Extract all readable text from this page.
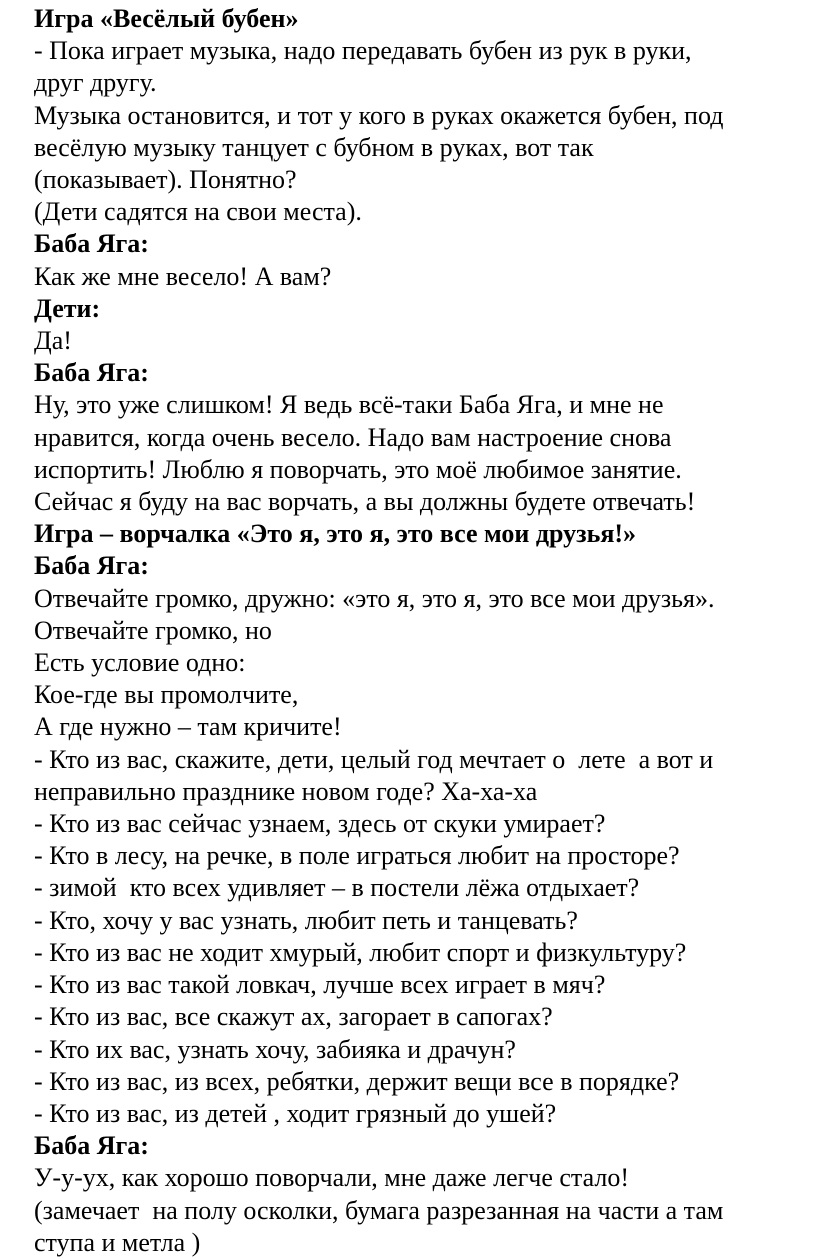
Игра «Весёлый бубен»
- Пока играет музыка, надо передавать бубен из рук в руки,
друг другу.
Музыка остановится, и тот у кого в руках окажется бубен, под
весёлую музыку танцует с бубном в руках, вот так
(показывает). Понятно?
(Дети садятся на свои места).
Баба Яга:
Как же мне весело! А вам?
Дети:
Да!
Баба Яга:
Ну, это уже слишком! Я ведь всё-таки Баба Яга, и мне не
нравится, когда очень весело. Надо вам настроение снова
испортить! Люблю я поворчать, это моё любимое занятие.
Сейчас я буду на вас ворчать, а вы должны будете отвечать!
Игра – ворчалка «Это я, это я, это все мои друзья!»
Баба Яга:
Отвечайте громко, дружно: «это я, это я, это все мои друзья».
Отвечайте громко, но
Есть условие одно:
Кое-где вы промолчите,
А где нужно – там кричите!
- Кто из вас, скажите, дети, целый год мечтает о  лете  а вот и
неправильно празднике новом годе? Ха-ха-ха
- Кто из вас сейчас узнаем, здесь от скуки умирает?
- Кто в лесу, на речке, в поле играться любит на просторе?
- зимой  кто всех удивляет – в постели лёжа отдыхает?
- Кто, хочу у вас узнать, любит петь и танцевать?
- Кто из вас не ходит хмурый, любит спорт и физкультуру?
- Кто из вас такой ловкач, лучше всех играет в мяч?
- Кто из вас, все скажут ах, загорает в сапогах?
- Кто их вас, узнать хочу, забияка и драчун?
- Кто из вас, из всех, ребятки, держит вещи все в порядке?
- Кто из вас, из детей , ходит грязный до ушей?
Баба Яга:
У-у-ух, как хорошо поворчали, мне даже легче стало!
(замечает  на полу осколки, бумага разрезанная на части а там
ступа и метла )
